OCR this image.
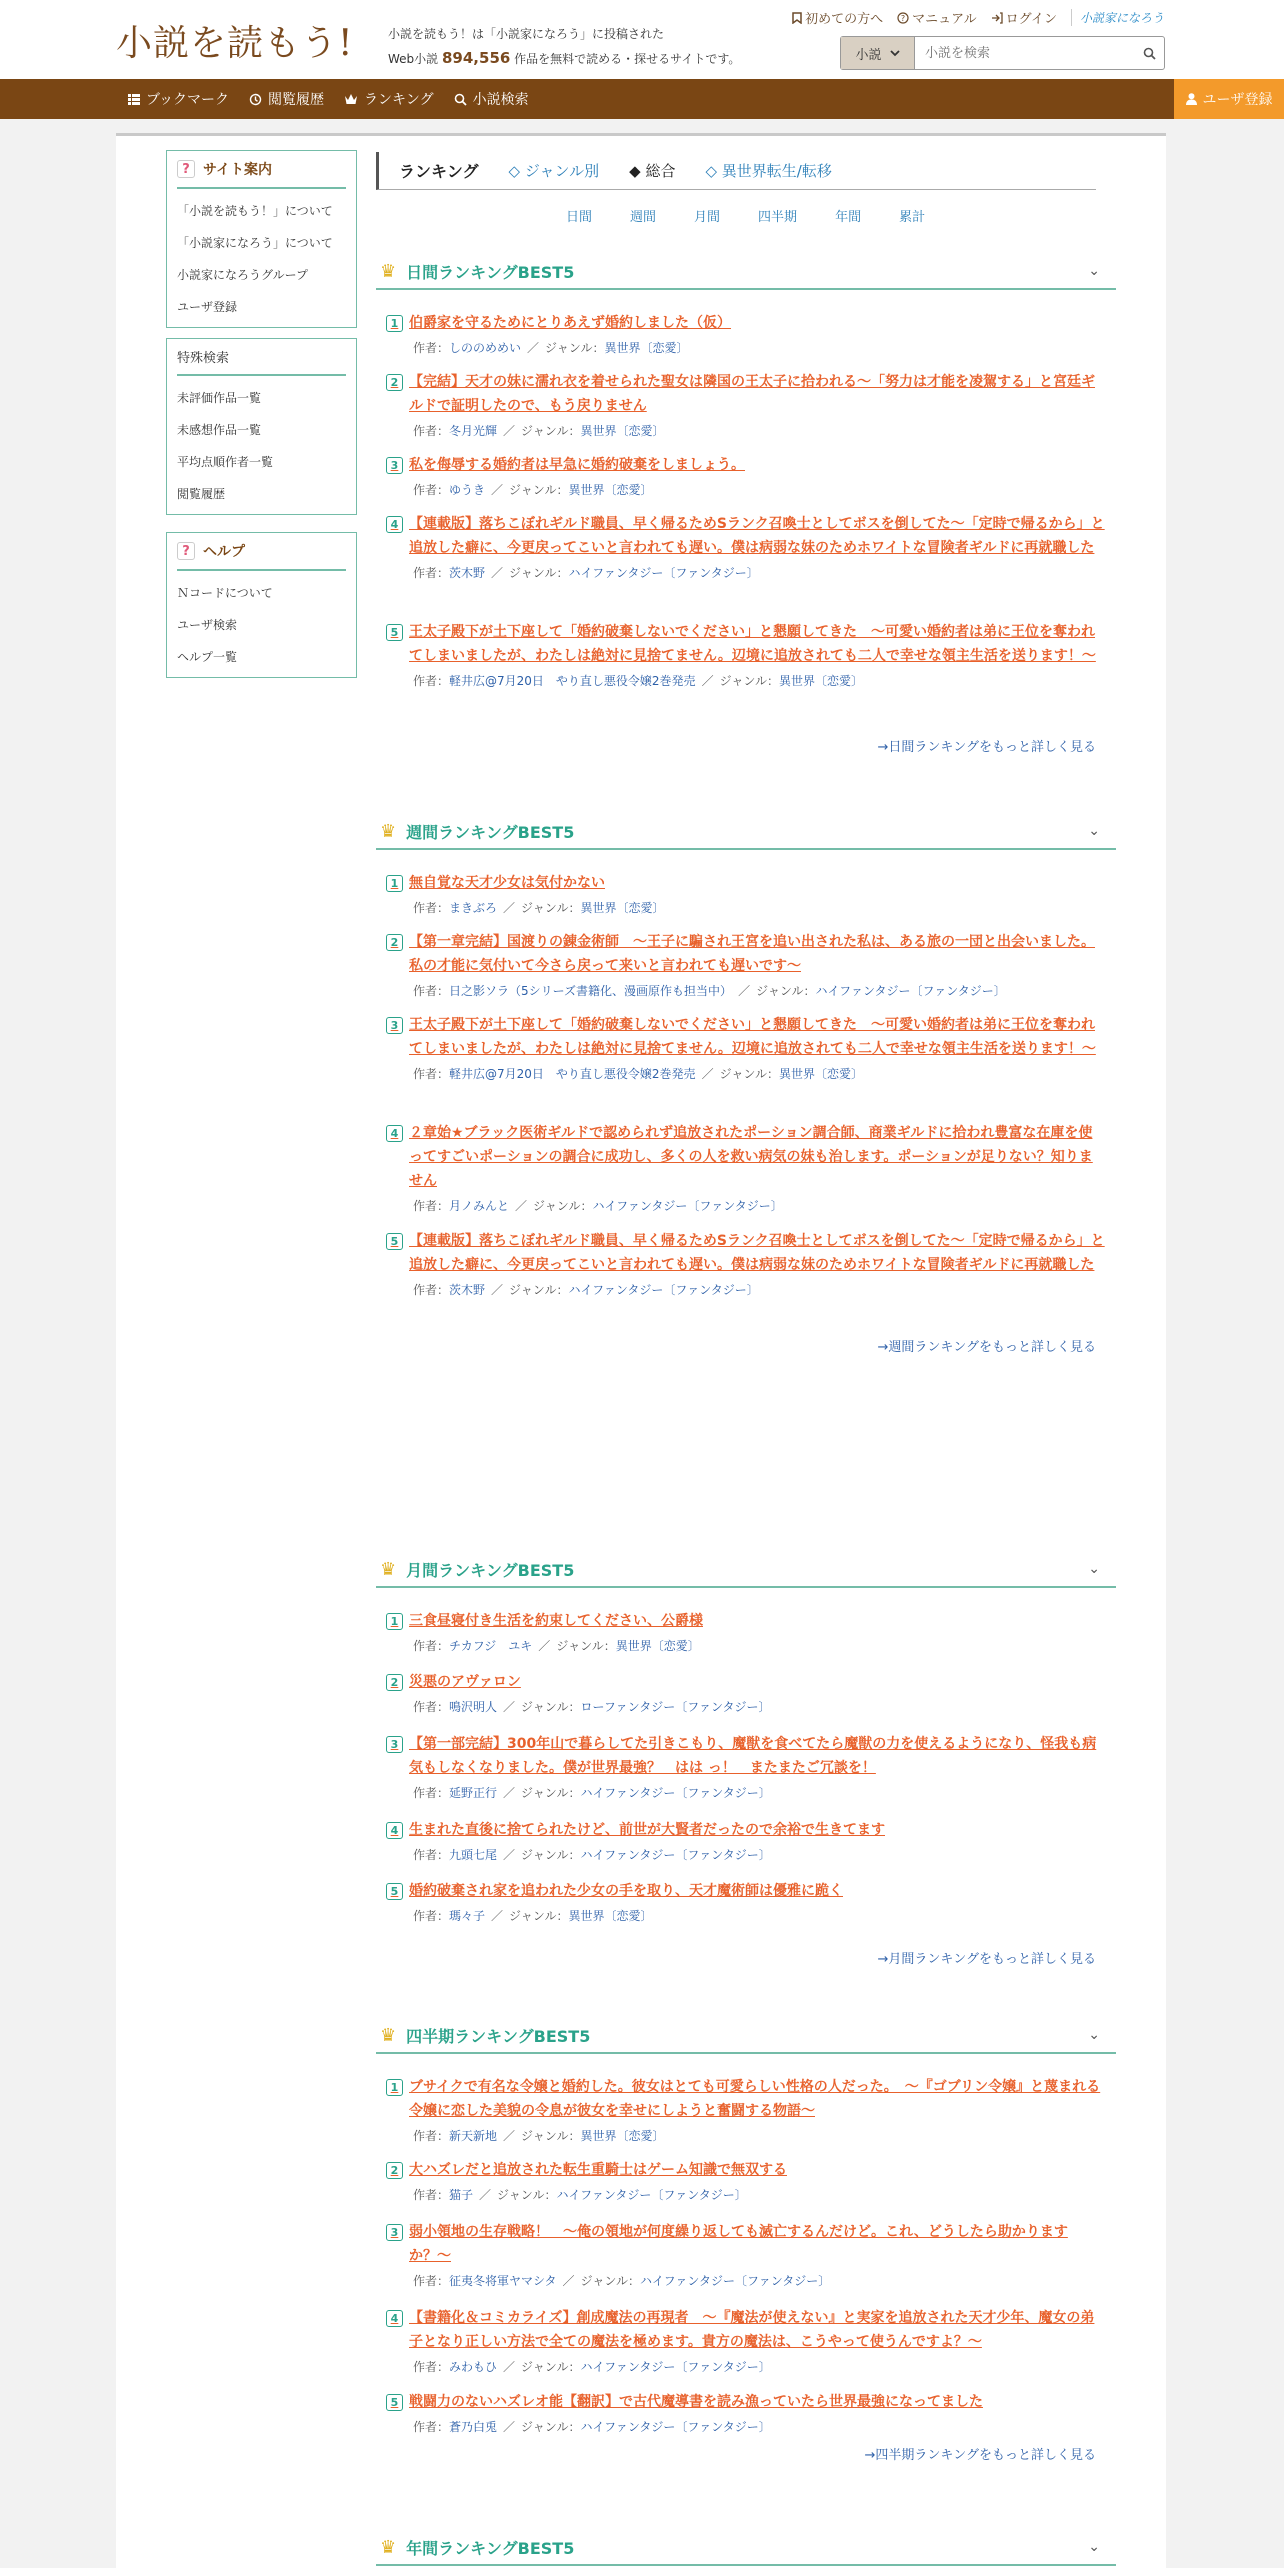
小説を読もう!	小説を読もう！は「小説家になろう」に投稿された
Web小説 894,556 作品を無料で読める・探せるサイトです。
初めての方へ ? マニュアル ログイン	小説家になろう
小説
小説を検索
ブックマーク	閲覧履歴	ランキング	小説検索	ユーザ登録
? サイト案内
「小説を読もう！」について
「小説家になろう」について
小説家になろうグループ
ユーザ登録
特殊検索
未評価作品一覧
未感想作品一覧
平均点順作者一覧
閲覧履歴
? ヘルプ
Ｎコードについて
ユーザ検索
ヘルプ一覧
ランキング ◇ ジャンル別 ◆ 総合 ◇ 異世界転生/転移
日間	週間	月間	四半期	年間	累計
♛ 日間ランキングBEST5	⌄
1 伯爵家を守るためにとりあえず婚約しました（仮）
作者：しののめめい ／ ジャンル：異世界〔恋愛〕
2 【完結】天才の妹に濡れ衣を着せられた聖女は隣国の王太子に拾われる〜「努力は才能を凌駕する」と宮廷ギルドで証明したので、もう戻りません
作者：冬月光輝 ／ ジャンル：異世界〔恋愛〕
3 私を侮辱する婚約者は早急に婚約破棄をしましょう。
作者：ゆうき ／ ジャンル：異世界〔恋愛〕
4 【連載版】落ちこぼれギルド職員、早く帰るためSランク召喚士としてボスを倒してた〜「定時で帰るから」と追放した癖に、今更戻ってこいと言われても遅い。僕は病弱な妹のためホワイトな冒険者ギルドに再就職した
作者：茨木野 ／ ジャンル：ハイファンタジー〔ファンタジー〕
5 王太子殿下が土下座して「婚約破棄しないでください」と懇願してきた　〜可愛い婚約者は弟に王位を奪われてしまいましたが、わたしは絶対に見捨てません。辺境に追放されても二人で幸せな領主生活を送ります！〜
作者：軽井広@7月20日　やり直し悪役令嬢2巻発売 ／ ジャンル：異世界〔恋愛〕
→日間ランキングをもっと詳しく見る
♛ 週間ランキングBEST5	⌄
1 無自覚な天才少女は気付かない
作者：まきぶろ ／ ジャンル：異世界〔恋愛〕
2 【第一章完結】国渡りの錬金術師　〜王子に騙され王宮を追い出された私は、ある旅の一団と出会いました。私の才能に気付いて今さら戻って来いと言われても遅いです〜
作者：日之影ソラ（5シリーズ書籍化、漫画原作も担当中） ／ ジャンル：ハイファンタジー〔ファンタジー〕
3 王太子殿下が土下座して「婚約破棄しないでください」と懇願してきた　〜可愛い婚約者は弟に王位を奪われてしまいましたが、わたしは絶対に見捨てません。辺境に追放されても二人で幸せな領主生活を送ります！〜
作者：軽井広@7月20日　やり直し悪役令嬢2巻発売 ／ ジャンル：異世界〔恋愛〕
4 ２章始★ブラック医術ギルドで認められず追放されたポーション調合師、商業ギルドに拾われ豊富な在庫を使ってすごいポーションの調合に成功し、多くの人を救い病気の妹も治します。ポーションが足りない？知りません
作者：月ノみんと ／ ジャンル：ハイファンタジー〔ファンタジー〕
5 【連載版】落ちこぼれギルド職員、早く帰るためSランク召喚士としてボスを倒してた〜「定時で帰るから」と追放した癖に、今更戻ってこいと言われても遅い。僕は病弱な妹のためホワイトな冒険者ギルドに再就職した
作者：茨木野 ／ ジャンル：ハイファンタジー〔ファンタジー〕
→週間ランキングをもっと詳しく見る
♛ 月間ランキングBEST5	⌄
1 三食昼寝付き生活を約束してください、公爵様
作者：チカフジ　ユキ ／ ジャンル：異世界〔恋愛〕
2 災悪のアヴァロン
作者：鳴沢明人 ／ ジャンル：ローファンタジー〔ファンタジー〕
3 【第一部完結】300年山で暮らしてた引きこもり、魔獣を食べてたら魔獣の力を使えるようになり、怪我も病気もしなくなりました。僕が世界最強？　はは っ！　またまたご冗談を！
作者：延野正行 ／ ジャンル：ハイファンタジー〔ファンタジー〕
4 生まれた直後に捨てられたけど、前世が大賢者だったので余裕で生きてます
作者：九頭七尾 ／ ジャンル：ハイファンタジー〔ファンタジー〕
5 婚約破棄され家を追われた少女の手を取り、天才魔術師は優雅に跪く
作者：瑪々子 ／ ジャンル：異世界〔恋愛〕
→月間ランキングをもっと詳しく見る
♛ 四半期ランキングBEST5	⌄
1 ブサイクで有名な令嬢と婚約した。彼女はとても可愛らしい性格の人だった。　〜『ゴブリン令嬢』と蔑まれる令嬢に恋した美貌の令息が彼女を幸せにしようと奮闘する物語〜
作者：新天新地 ／ ジャンル：異世界〔恋愛〕
2 大ハズレだと追放された転生重騎士はゲーム知識で無双する
作者：猫子 ／ ジャンル：ハイファンタジー〔ファンタジー〕
3 弱小領地の生存戦略！　〜俺の領地が何度繰り返しても滅亡するんだけど。これ、どうしたら助かりますか？〜
作者：征夷冬将軍ヤマシタ ／ ジャンル：ハイファンタジー〔ファンタジー〕
4 【書籍化＆コミカライズ】創成魔法の再現者　〜『魔法が使えない』と実家を追放された天才少年、魔女の弟子となり正しい方法で全ての魔法を極めます。貴方の魔法は、こうやって使うんですよ？〜
作者：みわもひ ／ ジャンル：ハイファンタジー〔ファンタジー〕
5 戦闘力のないハズレオ能【翻訳】で古代魔導書を読み漁っていたら世界最強になってました
作者：蒼乃白兎 ／ ジャンル：ハイファンタジー〔ファンタジー〕
→四半期ランキングをもっと詳しく見る
♛ 年間ランキングBEST5	⌄
